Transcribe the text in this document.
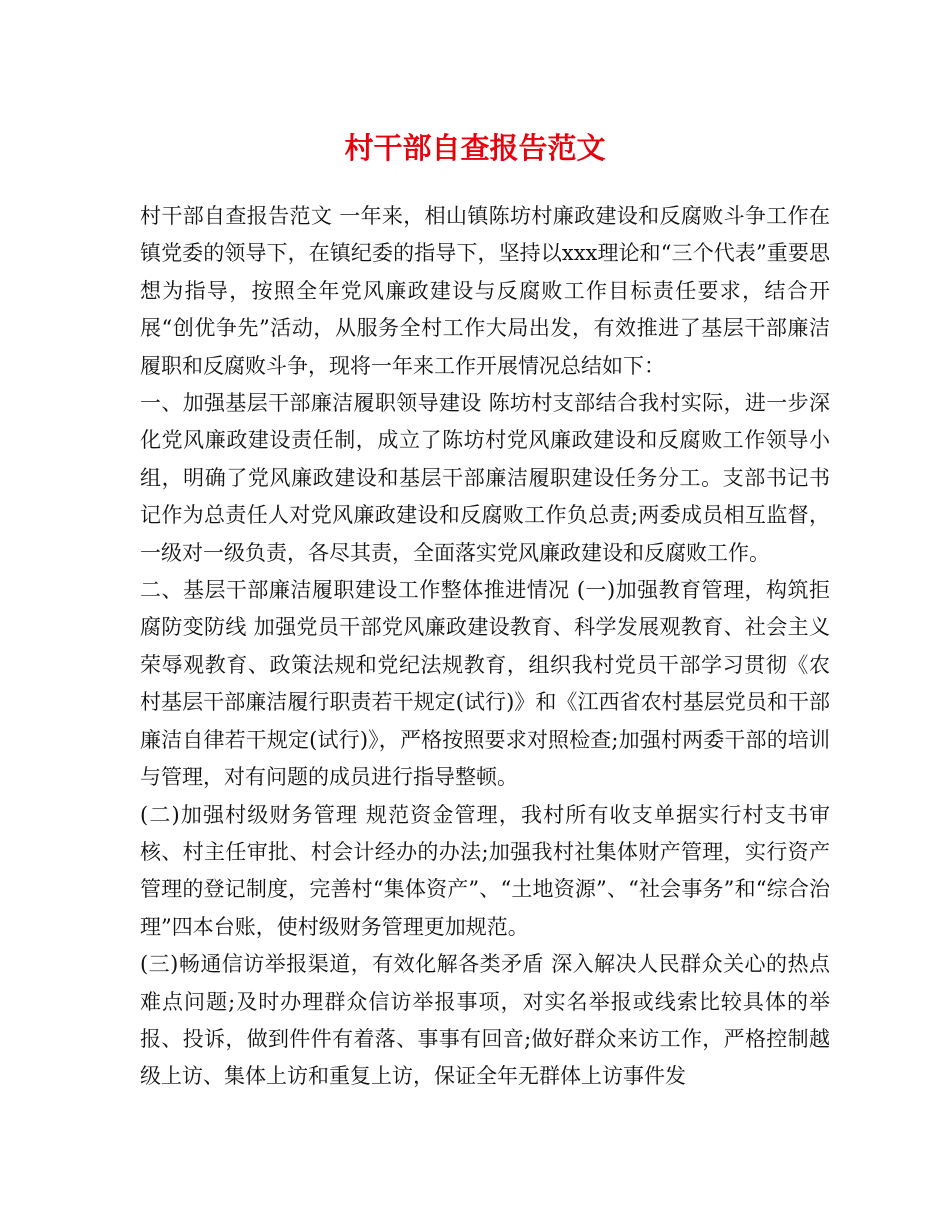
村干部自查报告范文

村干部自查报告范文 一年来，相山镇陈坊村廉政建设和反腐败斗争工作在镇党委的领导下，在镇纪委的指导下，坚持以xxx理论和“三个代表”重要思想为指导，按照全年党风廉政建设与反腐败工作目标责任要求，结合开展“创优争先”活动，从服务全村工作大局出发，有效推进了基层干部廉洁履职和反腐败斗争，现将一年来工作开展情况总结如下：

一、加强基层干部廉洁履职领导建设 陈坊村支部结合我村实际，进一步深化党风廉政建设责任制，成立了陈坊村党风廉政建设和反腐败工作领导小组，明确了党风廉政建设和基层干部廉洁履职建设任务分工。支部书记书记作为总责任人对党风廉政建设和反腐败工作负总责;两委成员相互监督，一级对一级负责，各尽其责，全面落实党风廉政建设和反腐败工作。

二、基层干部廉洁履职建设工作整体推进情况 (一)加强教育管理，构筑拒腐防变防线 加强党员干部党风廉政建设教育、科学发展观教育、社会主义荣辱观教育、政策法规和党纪法规教育，组织我村党员干部学习贯彻《农村基层干部廉洁履行职责若干规定(试行)》和《江西省农村基层党员和干部廉洁自律若干规定(试行)》，严格按照要求对照检查;加强村两委干部的培训与管理，对有问题的成员进行指导整顿。

(二)加强村级财务管理 规范资金管理，我村所有收支单据实行村支书审核、村主任审批、村会计经办的办法;加强我村社集体财产管理，实行资产管理的登记制度，完善村“集体资产”、“土地资源”、“社会事务”和“综合治理”四本台账，使村级财务管理更加规范。

(三)畅通信访举报渠道，有效化解各类矛盾 深入解决人民群众关心的热点难点问题;及时办理群众信访举报事项，对实名举报或线索比较具体的举报、投诉，做到件件有着落、事事有回音;做好群众来访工作，严格控制越级上访、集体上访和重复上访，保证全年无群体上访事件发
